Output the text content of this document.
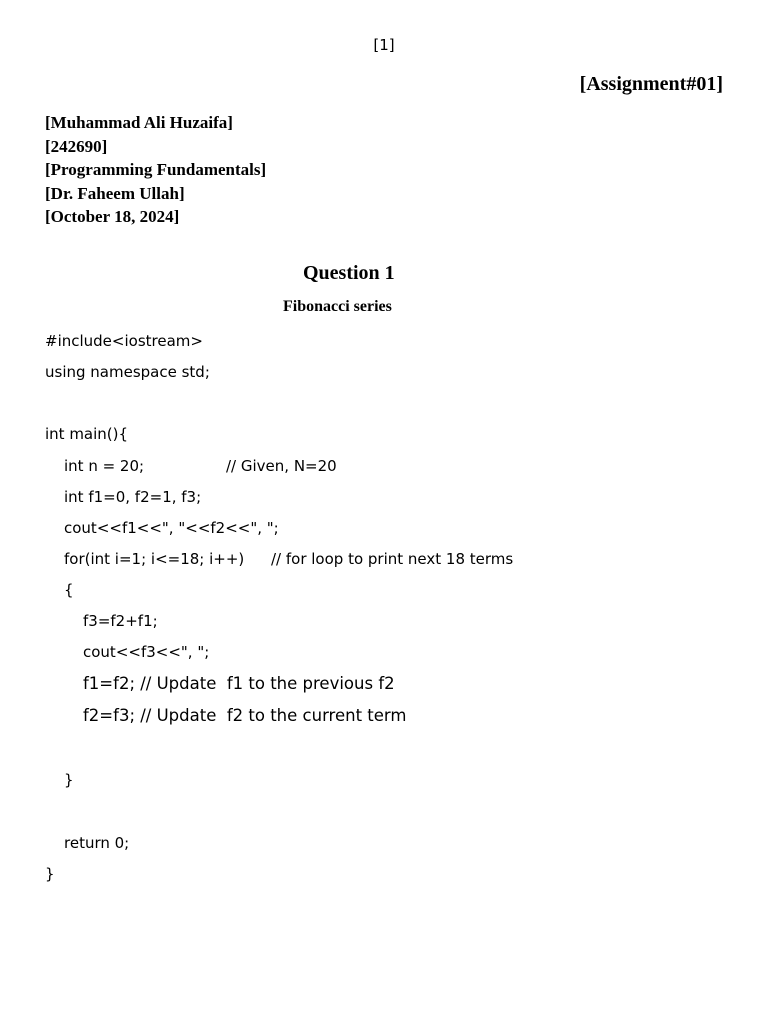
[1]
[Assignment#01]
[Muhammad Ali Huzaifa]
[242690]
[Programming Fundamentals]
[Dr. Faheem Ullah]
[October 18, 2024]
Question 1
Fibonacci series
#include<iostream>
using namespace std;
int main(){
int n = 20;	// Given, N=20
int f1=0, f2=1, f3;
cout<<f1<<", "<<f2<<", ";
for(int i=1; i<=18; i++) // for loop to print next 18 terms
{
f3=f2+f1;
cout<<f3<<", ";
f1=f2; // Update  f1 to the previous f2
f2=f3; // Update  f2 to the current term
}
return 0;
}
